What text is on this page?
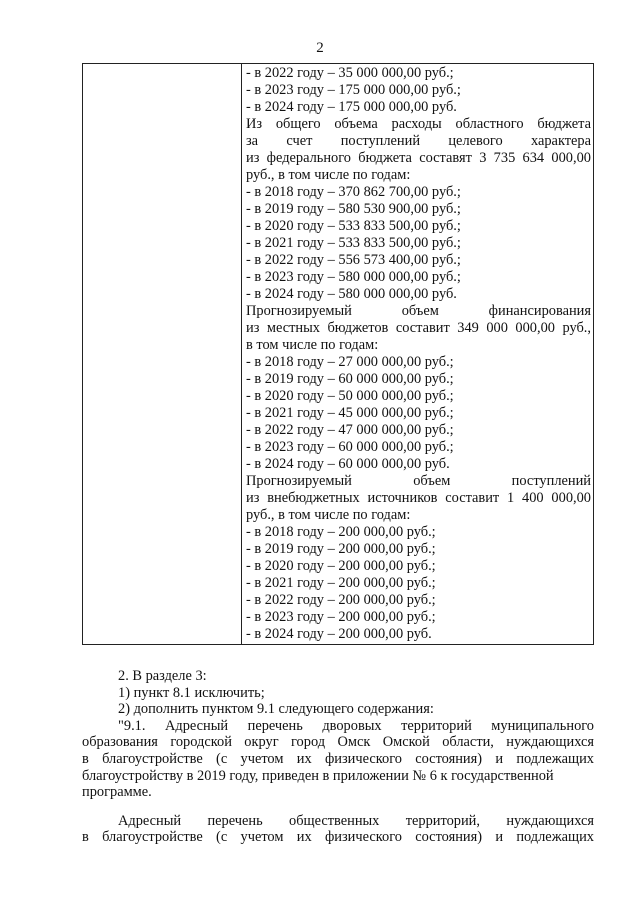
2
- в 2022 году – 35 000 000,00 руб.;
- в 2023 году – 175 000 000,00 руб.;
- в 2024 году – 175 000 000,00 руб.
Из общего объема расходы областного бюджета
за счет поступлений целевого характера
из федерального бюджета составят 3 735 634 000,00
руб., в том числе по годам:
- в 2018 году – 370 862 700,00 руб.;
- в 2019 году – 580 530 900,00 руб.;
- в 2020 году – 533 833 500,00 руб.;
- в 2021 году – 533 833 500,00 руб.;
- в 2022 году – 556 573 400,00 руб.;
- в 2023 году – 580 000 000,00 руб.;
- в 2024 году – 580 000 000,00 руб.
Прогнозируемый объем финансирования
из местных бюджетов составит 349 000 000,00 руб.,
в том числе по годам:
- в 2018 году – 27 000 000,00 руб.;
- в 2019 году – 60 000 000,00 руб.;
- в 2020 году – 50 000 000,00 руб.;
- в 2021 году – 45 000 000,00 руб.;
- в 2022 году – 47 000 000,00 руб.;
- в 2023 году – 60 000 000,00 руб.;
- в 2024 году – 60 000 000,00 руб.
Прогнозируемый объем поступлений
из внебюджетных источников составит 1 400 000,00
руб., в том числе по годам:
- в 2018 году – 200 000,00 руб.;
- в 2019 году – 200 000,00 руб.;
- в 2020 году – 200 000,00 руб.;
- в 2021 году – 200 000,00 руб.;
- в 2022 году – 200 000,00 руб.;
- в 2023 году – 200 000,00 руб.;
- в 2024 году – 200 000,00 руб.

2. В разделе 3:

1) пункт 8.1 исключить;

2) дополнить пунктом 9.1 следующего содержания:

"9.1. Адресный перечень дворовых территорий муниципального

образования городской округ город Омск Омской области, нуждающихся

в благоустройстве (с учетом их физического состояния) и подлежащих

благоустройству в 2019 году, приведен в приложении № 6 к государственной

программе.

Адресный перечень общественных территорий, нуждающихся

в благоустройстве (с учетом их физического состояния) и подлежащих
